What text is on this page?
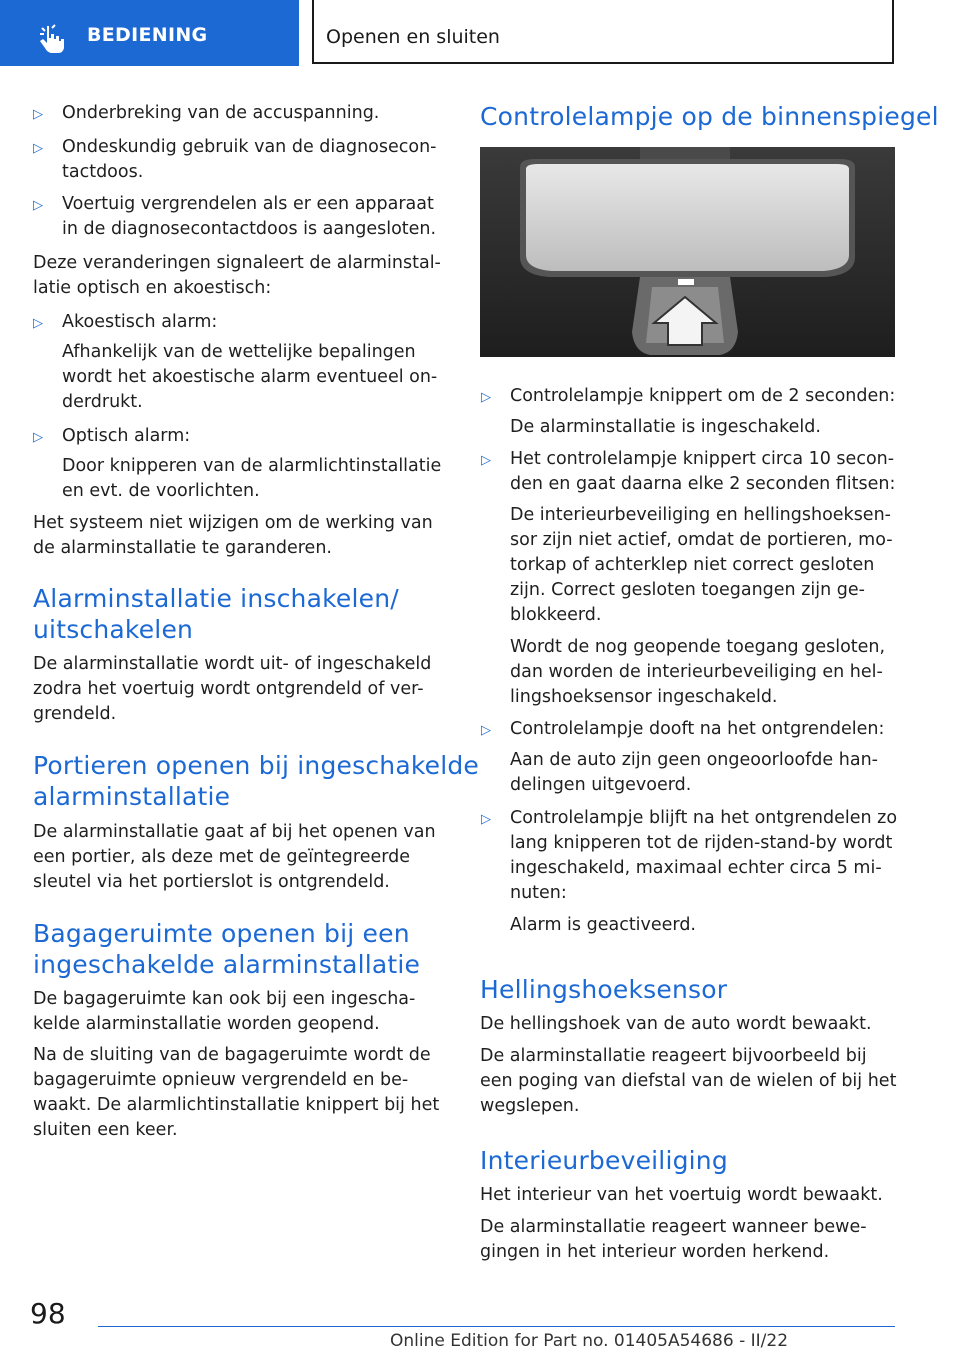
BEDIENING	Openen en sluiten
▷ Onderbreking van de accuspanning.
▷ Ondeskundig gebruik van de diagnosecon-
tactdoos.
▷ Voertuig vergrendelen als er een apparaat
in de diagnosecontactdoos is aangesloten.
Deze veranderingen signaleert de alarminstal-
latie optisch en akoestisch:
▷ Akoestisch alarm:
Afhankelijk van de wettelijke bepalingen
wordt het akoestische alarm eventueel on-
derdrukt.
▷ Optisch alarm:
Door knipperen van de alarmlichtinstallatie
en evt. de voorlichten.
Het systeem niet wijzigen om de werking van
de alarminstallatie te garanderen.
Alarminstallatie inschakelen/
uitschakelen
De alarminstallatie wordt uit- of ingeschakeld
zodra het voertuig wordt ontgrendeld of ver-
grendeld.
Portieren openen bij ingeschakelde
alarminstallatie
De alarminstallatie gaat af bij het openen van
een portier, als deze met de geïntegreerde
sleutel via het portierslot is ontgrendeld.
Bagageruimte openen bij een
ingeschakelde alarminstallatie
De bagageruimte kan ook bij een ingescha-
kelde alarminstallatie worden geopend.
Na de sluiting van de bagageruimte wordt de
bagageruimte opnieuw vergrendeld en be-
waakt. De alarmlichtinstallatie knippert bij het
sluiten een keer.
Controlelampje op de binnenspiegel
▷ Controlelampje knippert om de 2 seconden:
De alarminstallatie is ingeschakeld.
▷ Het controlelampje knippert circa 10 secon-
den en gaat daarna elke 2 seconden flitsen:
De interieurbeveiliging en hellingshoeksen-
sor zijn niet actief, omdat de portieren, mo-
torkap of achterklep niet correct gesloten
zijn. Correct gesloten toegangen zijn ge-
blokkeerd.
Wordt de nog geopende toegang gesloten,
dan worden de interieurbeveiliging en hel-
lingshoeksensor ingeschakeld.
▷ Controlelampje dooft na het ontgrendelen:
Aan de auto zijn geen ongeoorloofde han-
delingen uitgevoerd.
▷ Controlelampje blijft na het ontgrendelen zo
lang knipperen tot de rijden-stand-by wordt
ingeschakeld, maximaal echter circa 5 mi-
nuten:
Alarm is geactiveerd.
Hellingshoeksensor
De hellingshoek van de auto wordt bewaakt.
De alarminstallatie reageert bijvoorbeeld bij
een poging van diefstal van de wielen of bij het
wegslepen.
Interieurbeveiliging
Het interieur van het voertuig wordt bewaakt.
De alarminstallatie reageert wanneer bewe-
gingen in het interieur worden herkend.
98
Online Edition for Part no. 01405A54686 - II/22
